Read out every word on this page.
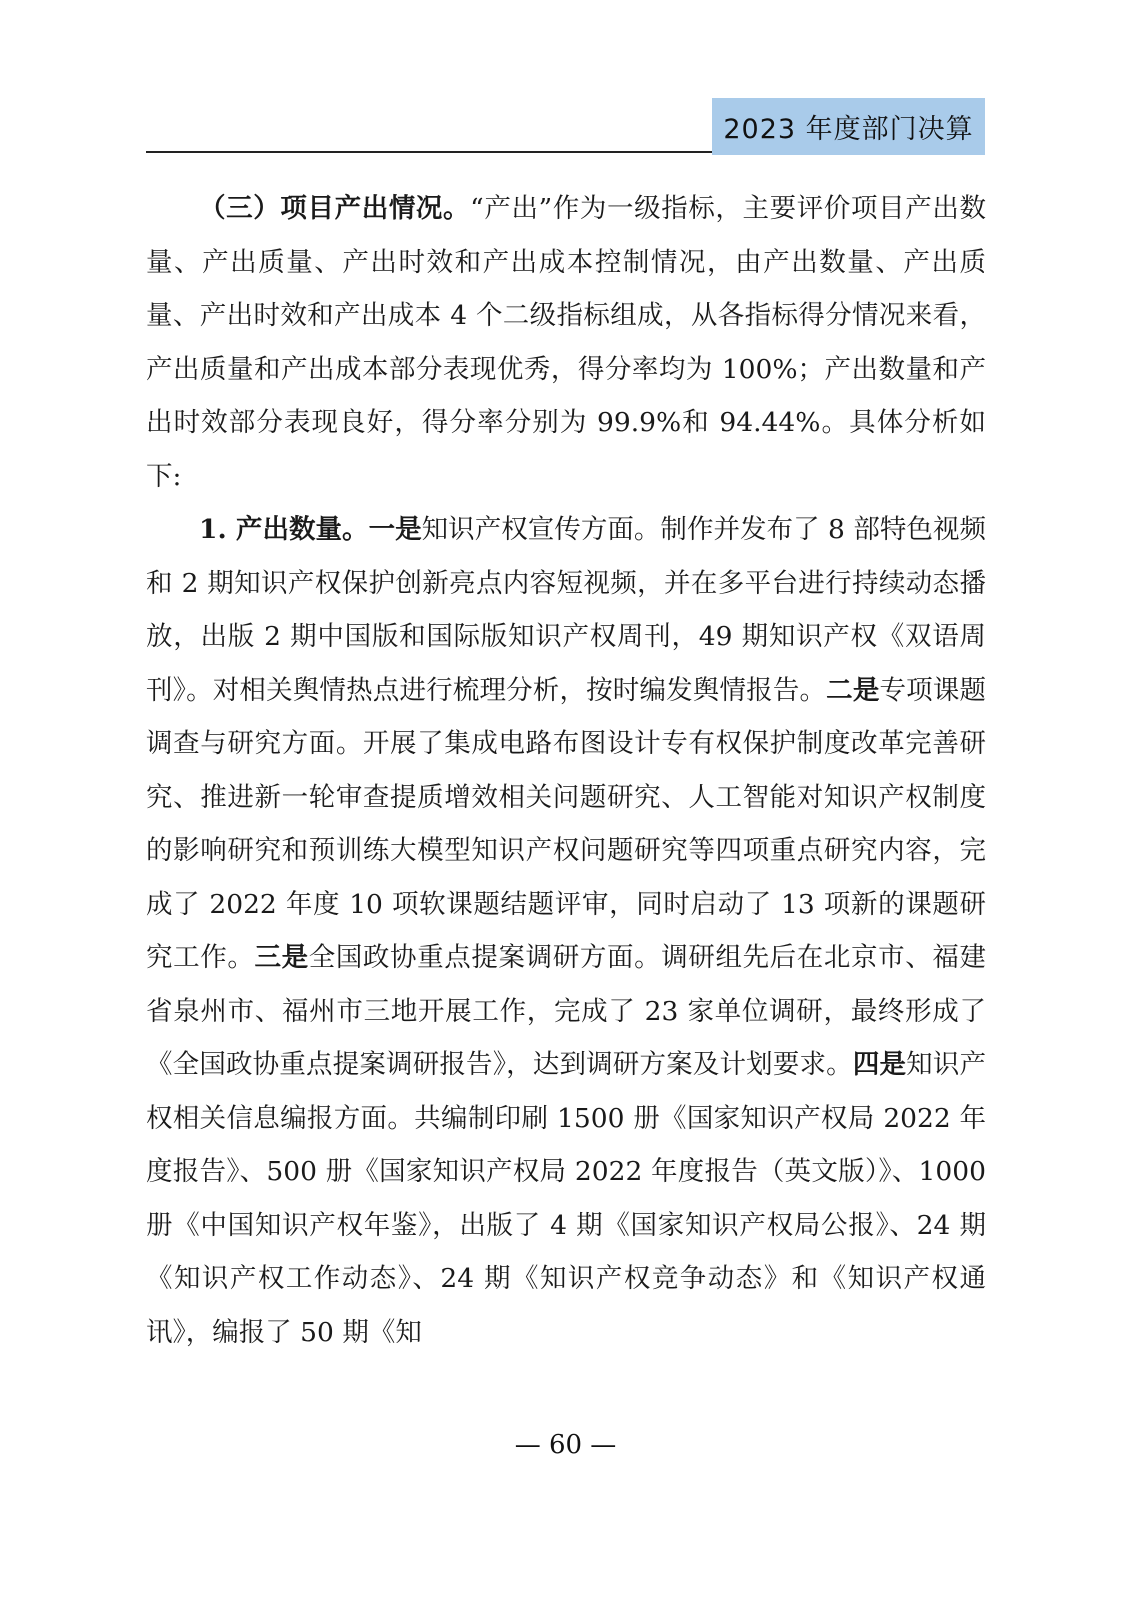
2023 年度部门决算

（三）项目产出情况。“产出”作为一级指标，主要评价项目产出数量、产出质量、产出时效和产出成本控制情况，由产出数量、产出质量、产出时效和产出成本 4 个二级指标组成，从各指标得分情况来看，产出质量和产出成本部分表现优秀，得分率均为 100%；产出数量和产出时效部分表现良好，得分率分别为 99.9%和 94.44%。具体分析如下:

1. 产出数量。一是知识产权宣传方面。制作并发布了 8 部特色视频和 2 期知识产权保护创新亮点内容短视频，并在多平台进行持续动态播放，出版 2 期中国版和国际版知识产权周刊，49 期知识产权《双语周刊》。对相关舆情热点进行梳理分析，按时编发舆情报告。二是专项课题调查与研究方面。开展了集成电路布图设计专有权保护制度改革完善研究、推进新一轮审查提质增效相关问题研究、人工智能对知识产权制度的影响研究和预训练大模型知识产权问题研究等四项重点研究内容，完成了 2022 年度 10 项软课题结题评审，同时启动了 13 项新的课题研究工作。三是全国政协重点提案调研方面。调研组先后在北京市、福建省泉州市、福州市三地开展工作，完成了 23 家单位调研，最终形成了《全国政协重点提案调研报告》，达到调研方案及计划要求。四是知识产权相关信息编报方面。共编制印刷 1500 册《国家知识产权局 2022 年度报告》、500 册《国家知识产权局 2022 年度报告（英文版）》、1000 册《中国知识产权年鉴》，出版了 4 期《国家知识产权局公报》、24 期《知识产权工作动态》、24 期《知识产权竞争动态》和《知识产权通讯》，编报了 50 期《知

— 60 —
